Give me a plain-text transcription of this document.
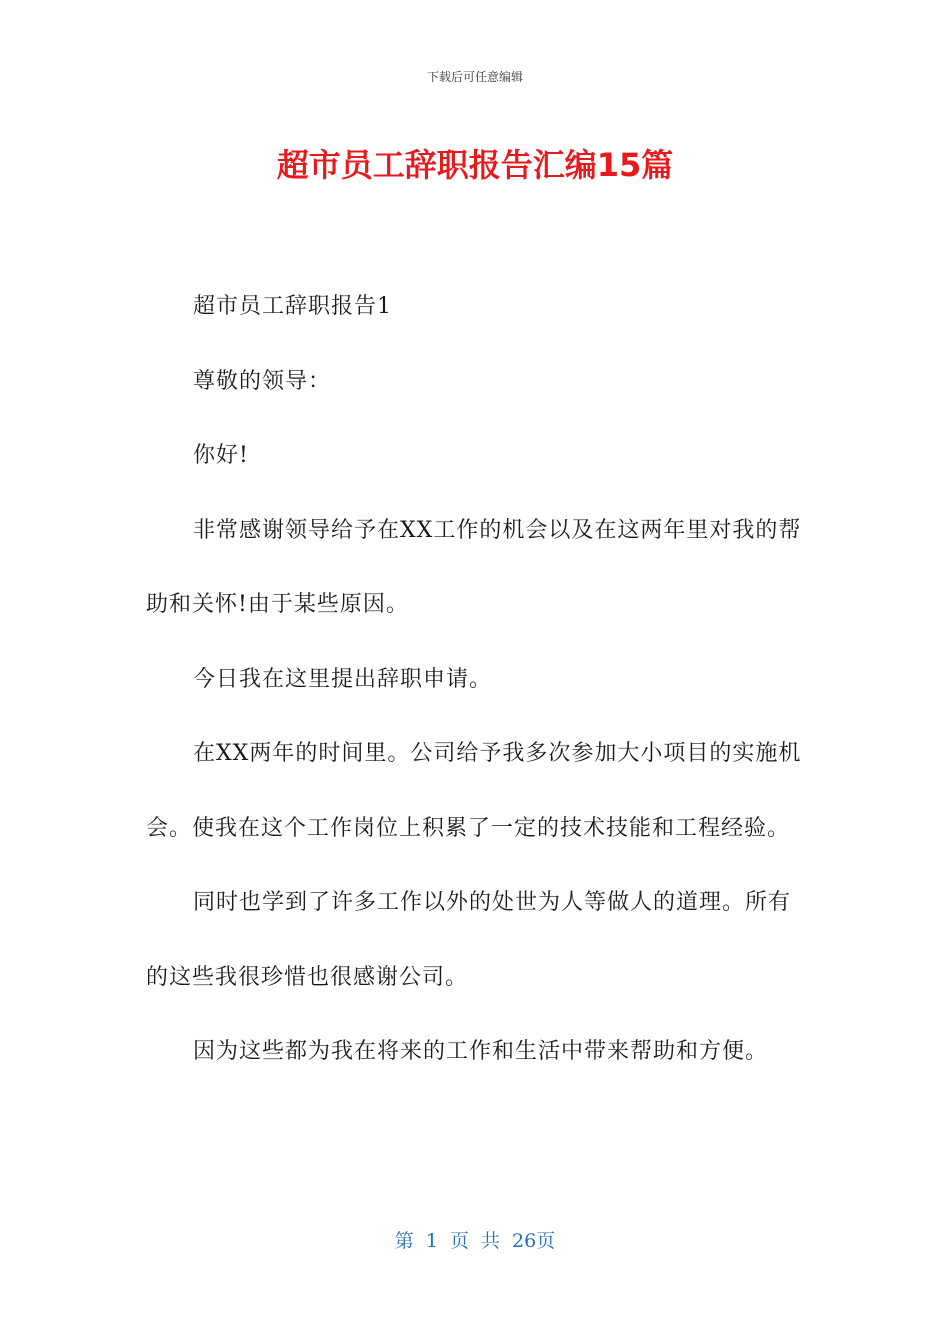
下载后可任意编辑
超市员工辞职报告汇编15篇

超市员工辞职报告1

尊敬的领导：

你好!

非常感谢领导给予在XX工作的机会以及在这两年里对我的帮助和关怀!由于某些原因。

今日我在这里提出辞职申请。

在XX两年的时间里。公司给予我多次参加大小项目的实施机会。使我在这个工作岗位上积累了一定的技术技能和工程经验。

同时也学到了许多工作以外的处世为人等做人的道理。所有的这些我很珍惜也很感谢公司。

因为这些都为我在将来的工作和生活中带来帮助和方便。

第 1 页 共 26页
